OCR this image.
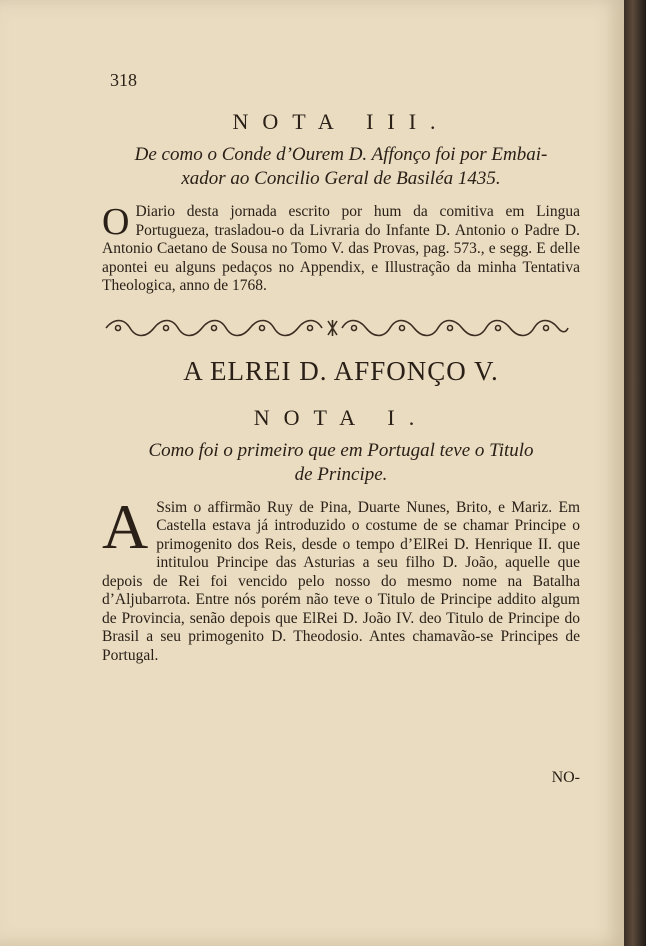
318
NOTA III.
De como o Conde d’Ourem D. Affonço foi por Embai-
xador ao Concilio Geral de Basiléa 1435.

O Diario desta jornada escrito por hum da comitiva em Lingua Portugueza, trasladou-o da Livraria do Infante D. Antonio o Padre D. Antonio Caetano de Sousa no Tomo V. das Provas, pag. 573., e segg. E delle apontei eu alguns pedaços no Appendix, e Illustração da minha Tentativa Theologica, anno de 1768.

A ELREI D. AFFONÇO V.
NOTA I.
Como foi o primeiro que em Portugal teve o Titulo
de Principe.

A Ssim o affirmão Ruy de Pina, Duarte Nunes, Brito, e Mariz. Em Castella estava já introduzido o costume de se chamar Principe o primogenito dos Reis, desde o tempo d’ElRei D. Henrique II. que intitulou Principe das Asturias a seu filho D. João, aquelle que depois de Rei foi vencido pelo nosso do mesmo nome na Batalha d’Aljubarrota. Entre nós porém não teve o Titulo de Principe addito algum de Provincia, senão depois que ElRei D. João IV. deo Titulo de Principe do Brasil a seu primogenito D. Theodosio. Antes chamavão-se Principes de Portugal.

NO-
